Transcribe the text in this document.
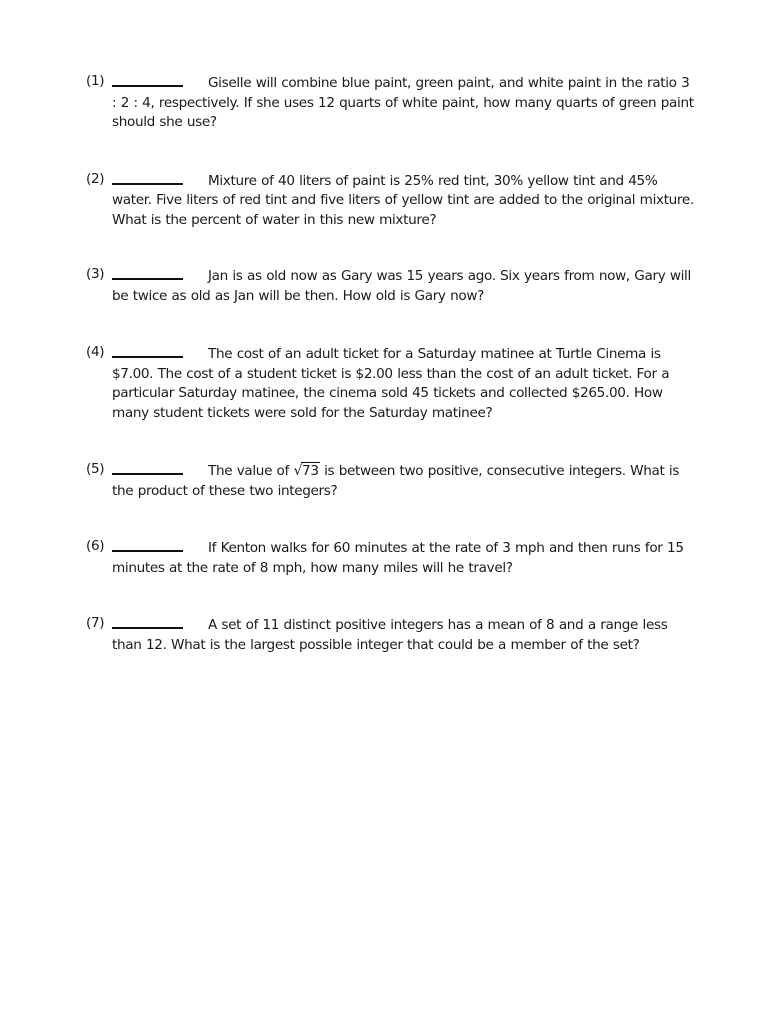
(1)	Giselle will combine blue paint, green paint, and white paint in the ratio 3 : 2 : 4, respectively. If she uses 12 quarts of white paint, how many quarts of green paint should she use?
(2)	Mixture of 40 liters of paint is 25% red tint, 30% yellow tint and 45% water. Five liters of red tint and five liters of yellow tint are added to the original mixture. What is the percent of water in this new mixture?
(3)	Jan is as old now as Gary was 15 years ago. Six years from now, Gary will be twice as old as Jan will be then. How old is Gary now?
(4)	The cost of an adult ticket for a Saturday matinee at Turtle Cinema is $7.00. The cost of a student ticket is $2.00 less than the cost of an adult ticket. For a particular Saturday matinee, the cinema sold 45 tickets and collected $265.00. How many student tickets were sold for the Saturday matinee?
(5)	The value of √73 is between two positive, consecutive integers. What is the product of these two integers?
(6)	If Kenton walks for 60 minutes at the rate of 3 mph and then runs for 15 minutes at the rate of 8 mph, how many miles will he travel?
(7)	A set of 11 distinct positive integers has a mean of 8 and a range less than 12. What is the largest possible integer that could be a member of the set?
